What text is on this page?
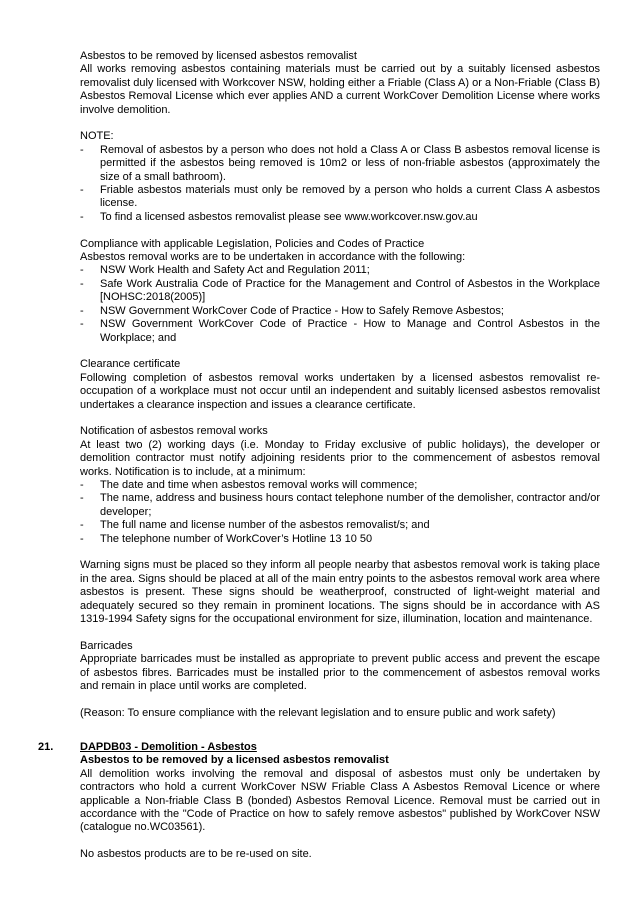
Asbestos to be removed by licensed asbestos removalist

All works removing asbestos containing materials must be carried out by a suitably licensed asbestos removalist duly licensed with Workcover NSW, holding either a Friable (Class A) or a Non-Friable (Class B) Asbestos Removal License which ever applies AND a current WorkCover Demolition License where works involve demolition.

NOTE:

- Removal of asbestos by a person who does not hold a Class A or Class B asbestos removal license is permitted if the asbestos being removed is 10m2 or less of non-friable asbestos (approximately the size of a small bathroom).
- Friable asbestos materials must only be removed by a person who holds a current Class A asbestos license.
- To find a licensed asbestos removalist please see www.workcover.nsw.gov.au

Compliance with applicable Legislation, Policies and Codes of Practice

Asbestos removal works are to be undertaken in accordance with the following:

- NSW Work Health and Safety Act and Regulation 2011;
- Safe Work Australia Code of Practice for the Management and Control of Asbestos in the Workplace [NOHSC:2018(2005)]
- NSW Government WorkCover Code of Practice - How to Safely Remove Asbestos;
- NSW Government WorkCover Code of Practice - How to Manage and Control Asbestos in the Workplace; and

Clearance certificate

Following completion of asbestos removal works undertaken by a licensed asbestos removalist re-occupation of a workplace must not occur until an independent and suitably licensed asbestos removalist undertakes a clearance inspection and issues a clearance certificate.

Notification of asbestos removal works

At least two (2) working days (i.e. Monday to Friday exclusive of public holidays), the developer or demolition contractor must notify adjoining residents prior to the commencement of asbestos removal works. Notification is to include, at a minimum:

- The date and time when asbestos removal works will commence;
- The name, address and business hours contact telephone number of the demolisher, contractor and/or developer;
- The full name and license number of the asbestos removalist/s; and
- The telephone number of WorkCover’s Hotline 13 10 50

Warning signs must be placed so they inform all people nearby that asbestos removal work is taking place in the area. Signs should be placed at all of the main entry points to the asbestos removal work area where asbestos is present. These signs should be weatherproof, constructed of light-weight material and adequately secured so they remain in prominent locations. The signs should be in accordance with AS 1319-1994 Safety signs for the occupational environment for size, illumination, location and maintenance.

Barricades

Appropriate barricades must be installed as appropriate to prevent public access and prevent the escape of asbestos fibres. Barricades must be installed prior to the commencement of asbestos removal works and remain in place until works are completed.

(Reason: To ensure compliance with the relevant legislation and to ensure public and work safety)

21.	DAPDB03 - Demolition - Asbestos

Asbestos to be removed by a licensed asbestos removalist

All demolition works involving the removal and disposal of asbestos must only be undertaken by contractors who hold a current WorkCover NSW Friable Class A Asbestos Removal Licence or where applicable a Non-friable Class B (bonded) Asbestos Removal Licence. Removal must be carried out in accordance with the "Code of Practice on how to safely remove asbestos" published by WorkCover NSW (catalogue no.WC03561).

No asbestos products are to be re-used on site.
